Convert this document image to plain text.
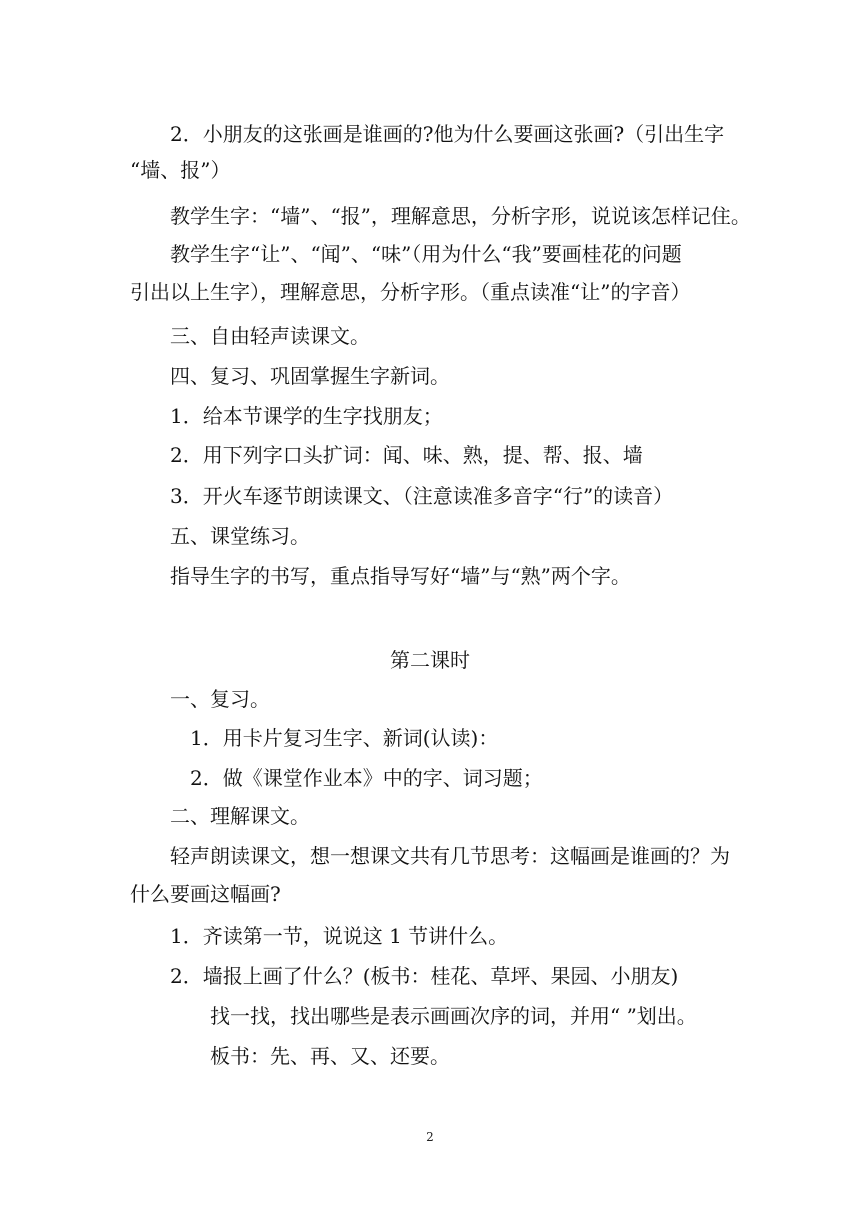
2．小朋友的这张画是谁画的?他为什么要画这张画?（引出生字
“墙、报”）
教学生字：“墙”、“报”，理解意思，分析字形，说说该怎样记住。
教学生字“让”、“闻”、“味”（用为什么“我”要画桂花的问题
引出以上生字），理解意思，分析字形。（重点读准“让”的字音）
三、自由轻声读课文。
四、复习、巩固掌握生字新词。
1．给本节课学的生字找朋友；
2．用下列字口头扩词：闻、味、熟，提、帮、报、墙
3．开火车逐节朗读课文、（注意读准多音字“行”的读音）
五、课堂练习。
指导生字的书写，重点指导写好“墙”与“熟”两个字。
第二课时
一、复习。
1．用卡片复习生字、新词(认读)：
2．做《课堂作业本》中的字、词习题；
二、理解课文。
轻声朗读课文，想一想课文共有几节思考：这幅画是谁画的？为
什么要画这幅画?
1．齐读第一节，说说这 1 节讲什么。
2．墙报上画了什么？(板书：桂花、草坪、果园、小朋友)
找一找，找出哪些是表示画画次序的词，并用“ ”划出。
板书：先、再、又、还要。
2
